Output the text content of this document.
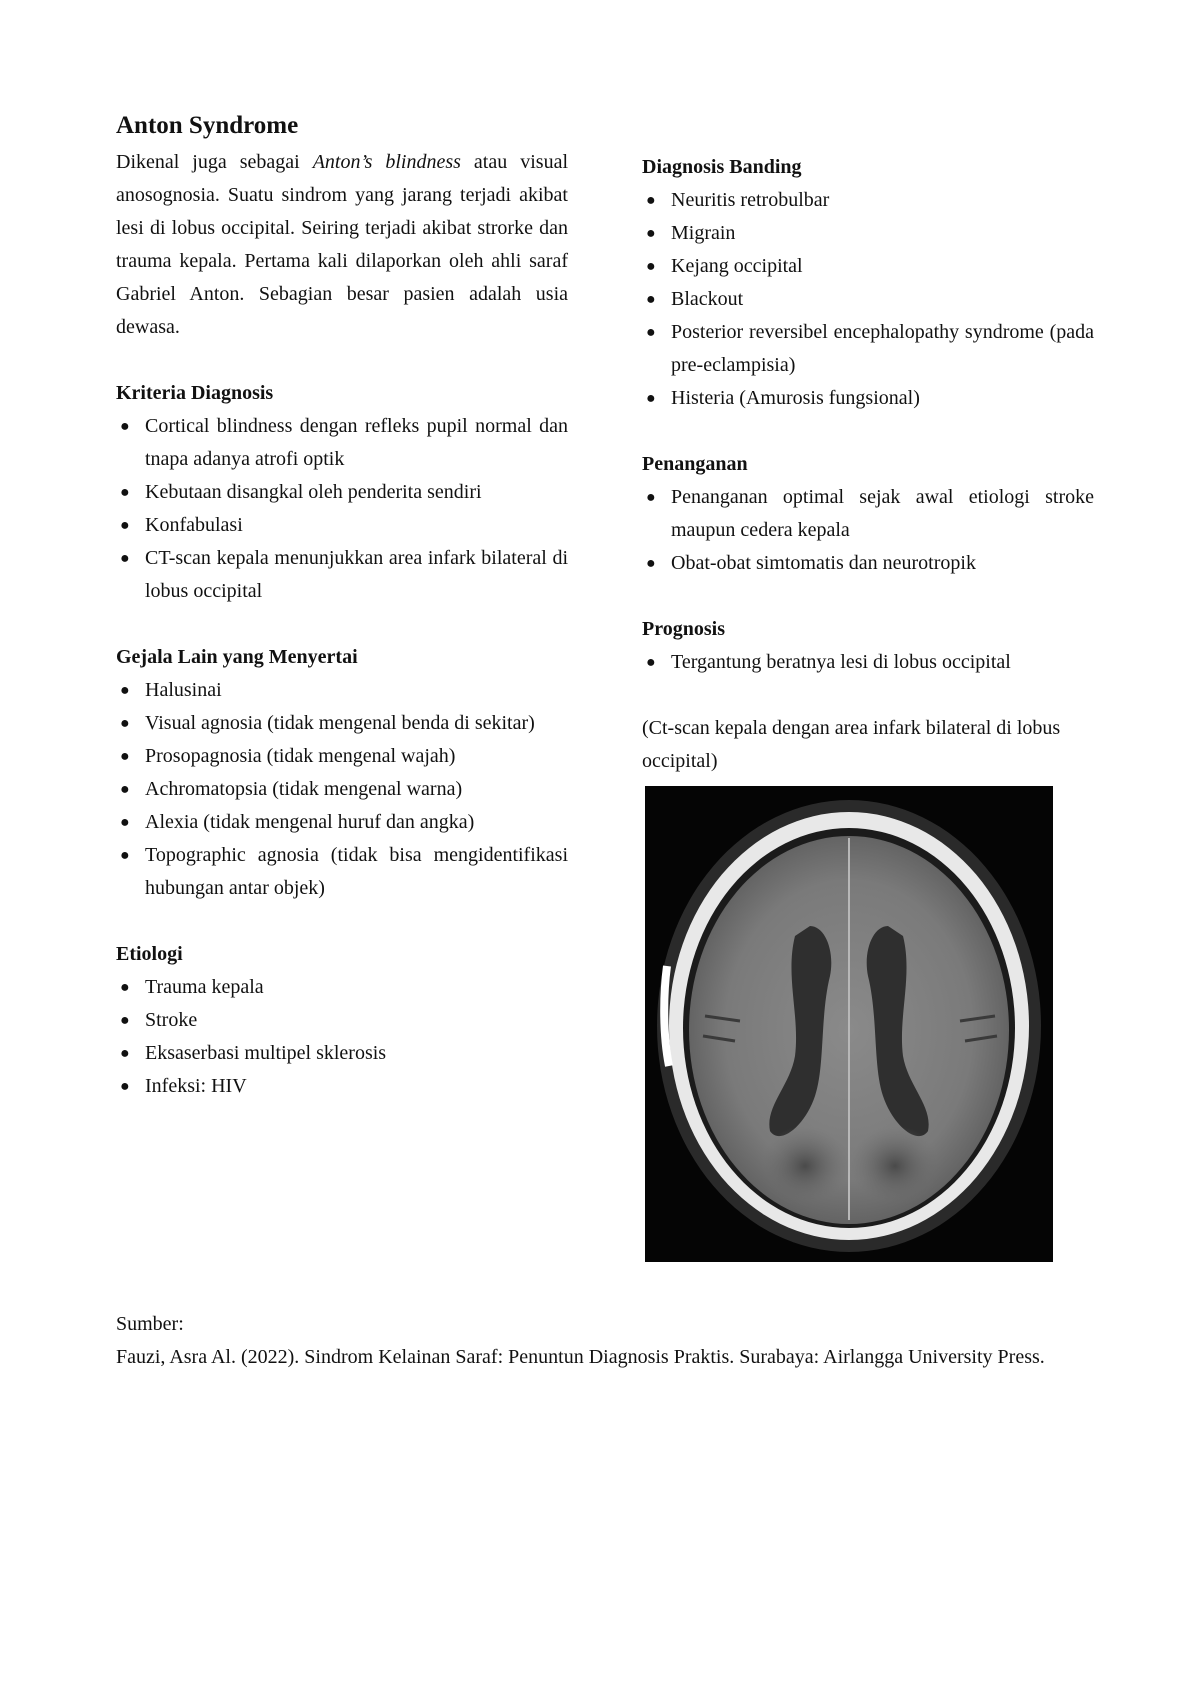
Anton Syndrome

Dikenal juga sebagai Anton’s blindness atau visual anosognosia. Suatu sindrom yang jarang terjadi akibat lesi di lobus occipital. Seiring terjadi akibat strorke dan trauma kepala. Pertama kali dilaporkan oleh ahli saraf Gabriel Anton. Sebagian besar pasien adalah usia dewasa.

Kriteria Diagnosis
● Cortical blindness dengan refleks pupil normal dan tnapa adanya atrofi optik
● Kebutaan disangkal oleh penderita sendiri
● Konfabulasi
● CT-scan kepala menunjukkan area infark bilateral di lobus occipital
Gejala Lain yang Menyertai
● Halusinai
● Visual agnosia (tidak mengenal benda di sekitar)
● Prosopagnosia (tidak mengenal wajah)
● Achromatopsia (tidak mengenal warna)
● Alexia (tidak mengenal huruf dan angka)
● Topographic agnosia (tidak bisa mengidentifikasi hubungan antar objek)
Etiologi
● Trauma kepala
● Stroke
● Eksaserbasi multipel sklerosis
● Infeksi: HIV
Diagnosis Banding
● Neuritis retrobulbar
● Migrain
● Kejang occipital
● Blackout
● Posterior reversibel encephalopathy syndrome (pada pre-eclampisia)
● Histeria (Amurosis fungsional)
Penanganan
● Penanganan optimal sejak awal etiologi stroke maupun cedera kepala
● Obat-obat simtomatis dan neurotropik
Prognosis
● Tergantung beratnya lesi di lobus occipital

(Ct-scan kepala dengan area infark bilateral di lobus occipital)

Sumber:

Fauzi, Asra Al. (2022). Sindrom Kelainan Saraf: Penuntun Diagnosis Praktis. Surabaya: Airlangga University Press.
